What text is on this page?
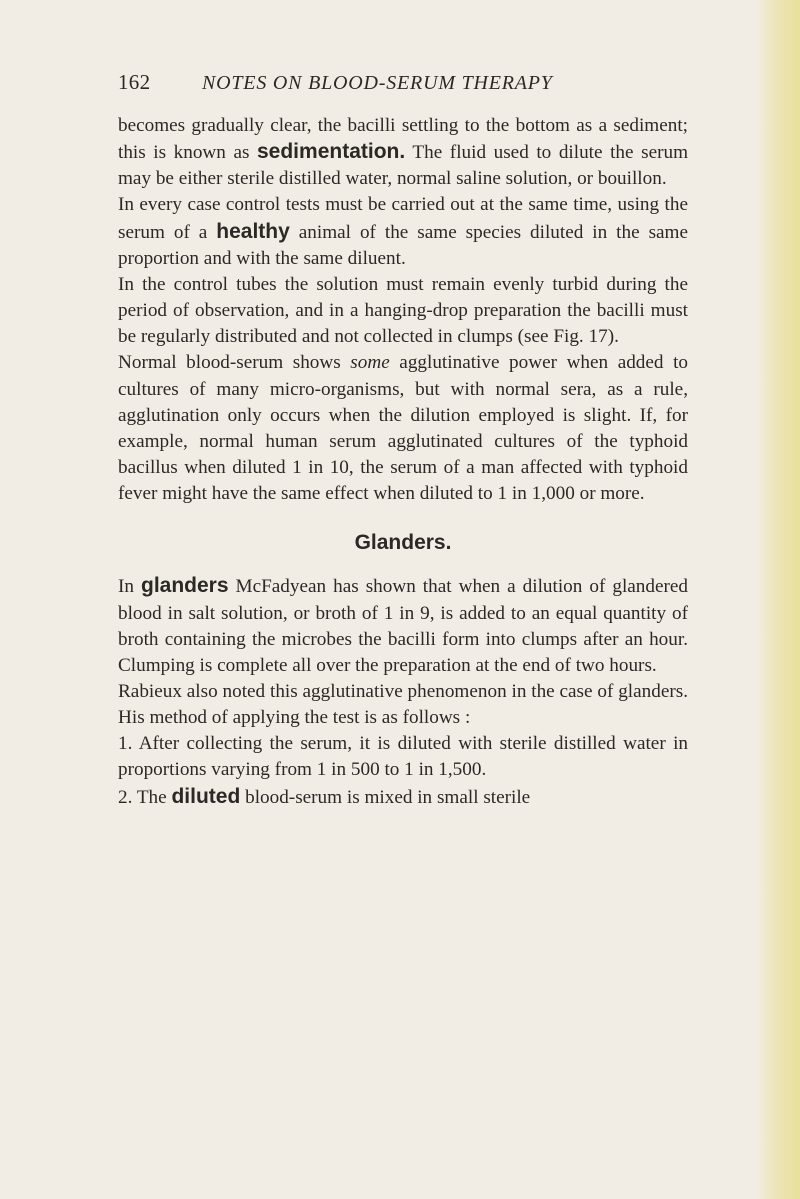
162	NOTES ON BLOOD-SERUM THERAPY

becomes gradually clear, the bacilli settling to the bottom as a sediment; this is known as sedimentation. The fluid used to dilute the serum may be either sterile distilled water, normal saline solution, or bouillon.

In every case control tests must be carried out at the same time, using the serum of a healthy animal of the same species diluted in the same proportion and with the same diluent.

In the control tubes the solution must remain evenly turbid during the period of observation, and in a hanging-drop preparation the bacilli must be regularly distributed and not collected in clumps (see Fig. 17).

Normal blood-serum shows some agglutinative power when added to cultures of many micro-organisms, but with normal sera, as a rule, agglutination only occurs when the dilution employed is slight. If, for example, normal human serum agglutinated cultures of the typhoid bacillus when diluted 1 in 10, the serum of a man affected with typhoid fever might have the same effect when diluted to 1 in 1,000 or more.

Glanders.

In glanders McFadyean has shown that when a dilution of glandered blood in salt solution, or broth of 1 in 9, is added to an equal quantity of broth containing the microbes the bacilli form into clumps after an hour. Clumping is complete all over the preparation at the end of two hours.

Rabieux also noted this agglutinative phenomenon in the case of glanders. His method of applying the test is as follows :

1. After collecting the serum, it is diluted with sterile distilled water in proportions varying from 1 in 500 to 1 in 1,500.

2. The diluted blood-serum is mixed in small sterile
